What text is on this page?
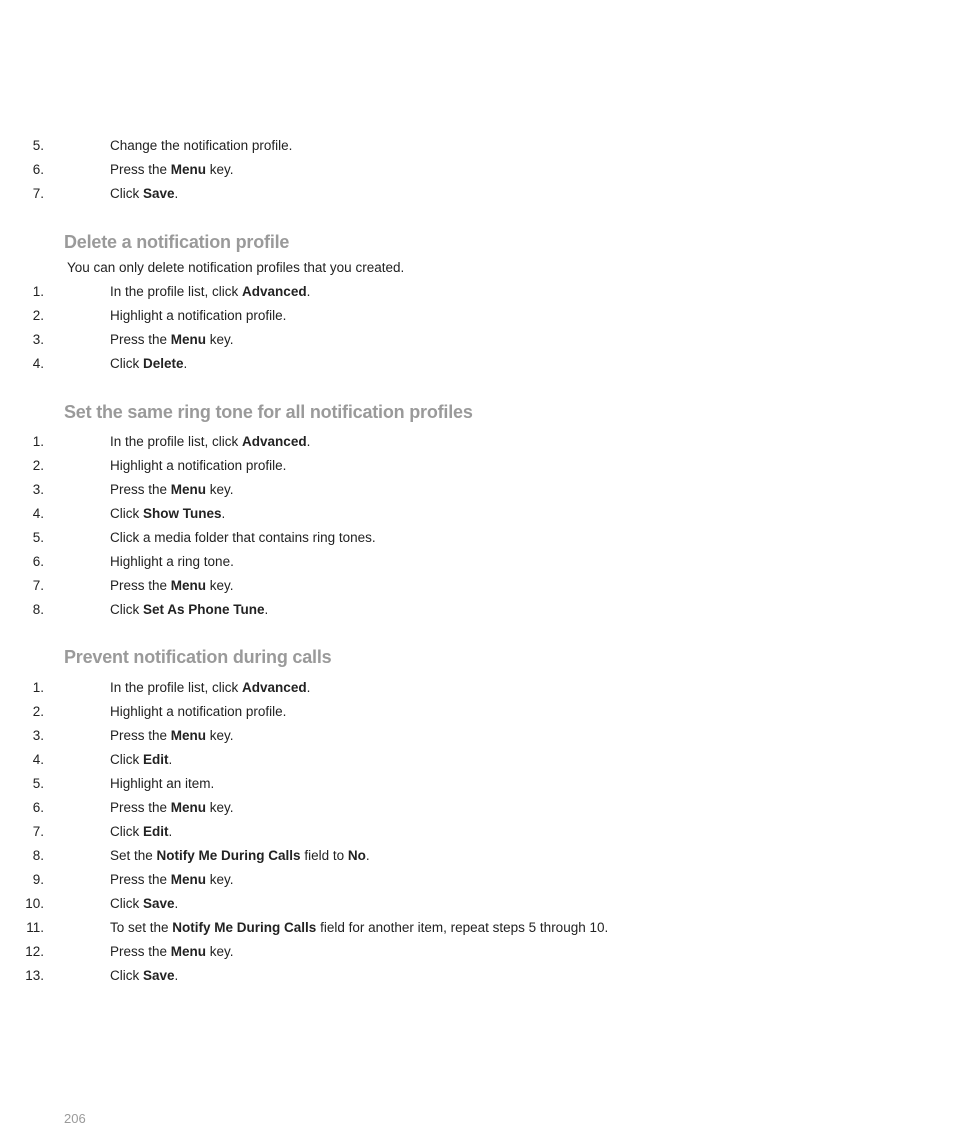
5.	Change the notification profile.
6.	Press the Menu key.
7.	Click Save.
Delete a notification profile

You can only delete notification profiles that you created.

1.	In the profile list, click Advanced.
2.	Highlight a notification profile.
3.	Press the Menu key.
4.	Click Delete.
Set the same ring tone for all notification profiles
1.	In the profile list, click Advanced.
2.	Highlight a notification profile.
3.	Press the Menu key.
4.	Click Show Tunes.
5.	Click a media folder that contains ring tones.
6.	Highlight a ring tone.
7.	Press the Menu key.
8.	Click Set As Phone Tune.
Prevent notification during calls
1.	In the profile list, click Advanced.
2.	Highlight a notification profile.
3.	Press the Menu key.
4.	Click Edit.
5.	Highlight an item.
6.	Press the Menu key.
7.	Click Edit.
8.	Set the Notify Me During Calls field to No.
9.	Press the Menu key.
10.	Click Save.
11.	To set the Notify Me During Calls field for another item, repeat steps 5 through 10.
12.	Press the Menu key.
13.	Click Save.
206
